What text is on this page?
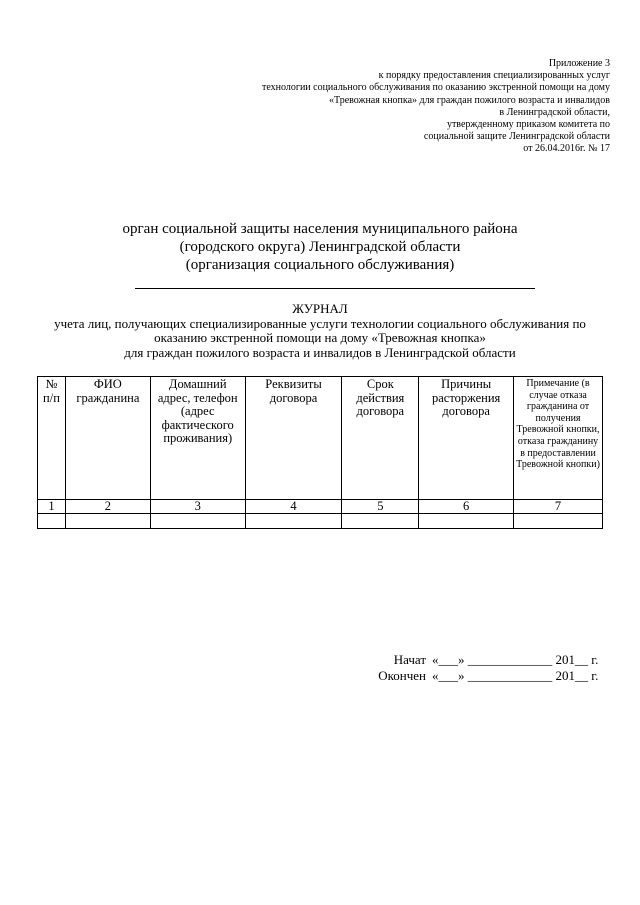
Приложение 3
к порядку предоставления специализированных услуг
технологии социального обслуживания по оказанию экстренной помощи на дому
«Тревожная кнопка» для граждан пожилого возраста и инвалидов
в Ленинградской области,
утвержденному приказом комитета по
социальной защите Ленинградской области
от 26.04.2016г. № 17
орган социальной защиты населения муниципального района
(городского округа) Ленинградской области
(организация социального обслуживания)
ЖУРНАЛ
учета лиц, получающих специализированные услуги технологии социального обслуживания по
оказанию экстренной помощи на дому «Тревожная кнопка»
для граждан пожилого возраста и инвалидов в Ленинградской области
№ п/п	ФИО гражданина	Домашний адрес, телефон (адрес фактического проживания)	Реквизиты договора	Срок действия договора	Причины расторжения договора	Примечание (в случае отказа гражданина от получения Тревожной кнопки, отказа гражданину в предоставлении Тревожной кнопки)
1	2	3	4	5	6	7

Начат «___» _____________ 201__ г.
Окончен «___» _____________ 201__ г.
